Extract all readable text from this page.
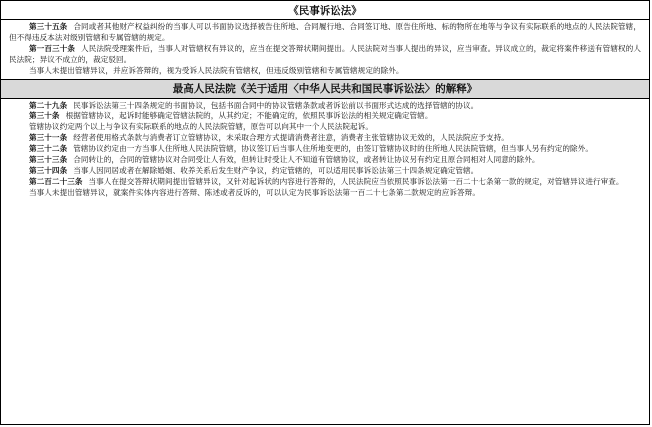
《民事诉讼法》

第三十五条 合同或者其他财产权益纠纷的当事人可以书面协议选择被告住所地、合同履行地、合同签订地、原告住所地、标的物所在地等与争议有实际联系的地点的人民法院管辖，但不得违反本法对级别管辖和专属管辖的规定。

第一百三十条 人民法院受理案件后，当事人对管辖权有异议的，应当在提交答辩状期间提出。人民法院对当事人提出的异议，应当审查。异议成立的，裁定将案件移送有管辖权的人民法院；异议不成立的，裁定驳回。

当事人未提出管辖异议，并应诉答辩的，视为受诉人民法院有管辖权，但违反级别管辖和专属管辖规定的除外。

最高人民法院《关于适用〈中华人民共和国民事诉讼法〉的解释》

第二十九条 民事诉讼法第三十四条规定的书面协议，包括书面合同中的协议管辖条款或者诉讼前以书面形式达成的选择管辖的协议。

第三十条 根据管辖协议，起诉时能够确定管辖法院的，从其约定；不能确定的，依照民事诉讼法的相关规定确定管辖。

管辖协议约定两个以上与争议有实际联系的地点的人民法院管辖，原告可以向其中一个人民法院起诉。

第三十一条 经营者使用格式条款与消费者订立管辖协议，未采取合理方式提请消费者注意，消费者主张管辖协议无效的，人民法院应予支持。

第三十二条 管辖协议约定由一方当事人住所地人民法院管辖，协议签订后当事人住所地变更的，由签订管辖协议时的住所地人民法院管辖，但当事人另有约定的除外。

第三十三条 合同转让的，合同的管辖协议对合同受让人有效，但转让时受让人不知道有管辖协议，或者转让协议另有约定且原合同相对人同意的除外。

第三十四条 当事人因同居或者在解除婚姻、收养关系后发生财产争议，约定管辖的，可以适用民事诉讼法第三十四条规定确定管辖。

第二百二十三条 当事人在提交答辩状期间提出管辖异议，又针对起诉状的内容进行答辩的，人民法院应当依照民事诉讼法第一百二十七条第一款的规定，对管辖异议进行审查。

当事人未提出管辖异议，就案件实体内容进行答辩、陈述或者反诉的，可以认定为民事诉讼法第一百二十七条第二款规定的应诉答辩。
